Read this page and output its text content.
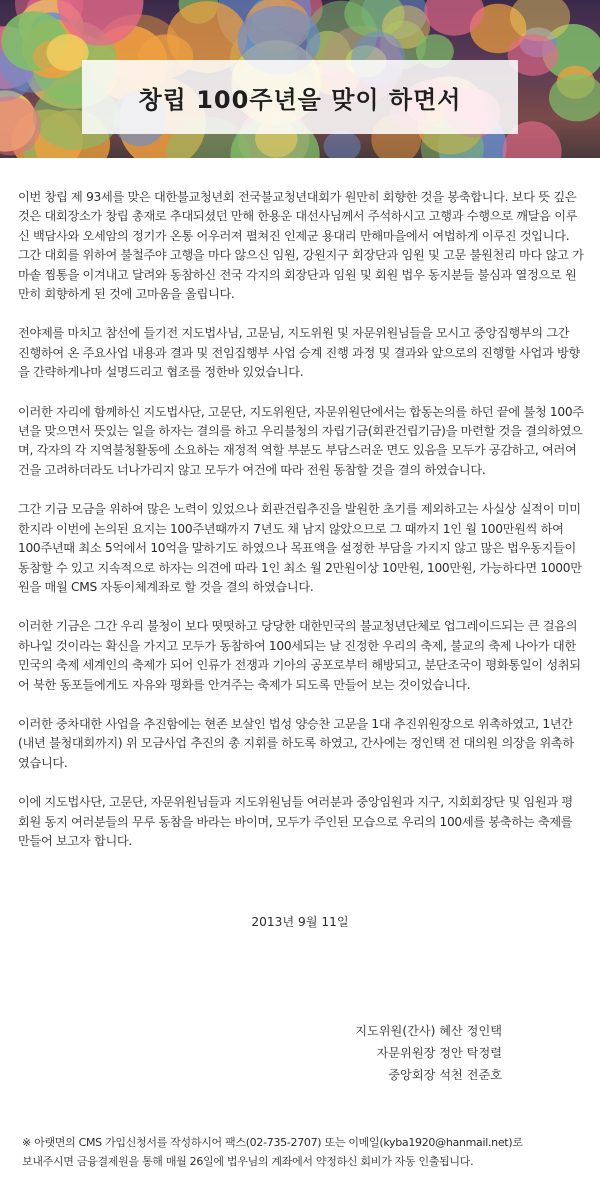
창립 100주년을 맞이 하면서

이번 창립 제 93세를 맞은 대한불교청년회 전국불교청년대회가 원만히 회향한 것을 봉축합니다. 보다 뜻 깊은 것은 대회장소가 창립 총재로 추대되셨던 만해 한용운 대선사님께서 주석하시고 고행과 수행으로 깨달음 이루신 백담사와 오세암의 정기가 온통 어우러져 펼쳐진 인제군 용대리 만해마을에서 여법하게 이루진 것입니다.

그간 대회를 위하여 불철주야 고행을 마다 않으신 임원, 강원지구 회장단과 임원 및 고문 불원천리 마다 않고 가마솥 찜통을 이겨내고 달려와 동참하신 전국 각지의 회장단과 임원 및 회원 법우 동지분들 불심과 열정으로 원만히 회향하게 된 것에 고마움을 올립니다.

전야제를 마치고 참선에 들기전 지도법사님, 고문님, 지도위원 및 자문위원님들을 모시고 중앙집행부의 그간 진행하여 온 주요사업 내용과 결과 및 전임집행부 사업 승계 진행 과정 및 결과와 앞으로의 진행할 사업과 방향을 간략하게나마 설명드리고 협조를 정한바 있었습니다.

이러한 자리에 함께하신 지도법사단, 고문단, 지도위원단, 자문위원단에서는 합동논의를 하던 끝에 불청 100주년을 맞으면서 뜻있는 일을 하자는 결의를 하고 우리불청의 자립기금(회관건립기금)을 마련할 것을 결의하였으며, 각자의 각 지역불청활동에 소요하는 재정적 역할 부분도 부담스러운 면도 있음을 모두가 공감하고, 여러여건을 고려하더라도 너나가리지 않고 모두가 여건에 따라 전원 동참할 것을 결의 하였습니다.

그간 기금 모금을 위하여 많은 노력이 있었으나 회관건립추진을 발원한 초기를 제외하고는 사실상 실적이 미미한지라 이번에 논의된 요지는 100주년때까지 7년도 채 남지 않았으므로 그 때까지 1인 월 100만원씩 하여 100주년때 최소 5억에서 10억을 말하기도 하였으나 목표액을 설정한 부담을 가지지 않고 많은 법우동지들이 동참할 수 있고 지속적으로 하자는 의견에 따라 1인 최소 월 2만원이상 10만원, 100만원, 가능하다면 1000만원을 매월 CMS 자동이체계좌로 할 것을 결의 하였습니다.

이러한 기금은 그간 우리 불청이 보다 떳떳하고 당당한 대한민국의 불교청년단체로 업그레이드되는 큰 걸음의 하나일 것이라는 확신을 가지고 모두가 동참하여 100세되는 날 진정한 우리의 축제, 불교의 축제 나아가 대한민국의 축제 세계인의 축제가 되어 인류가 전쟁과 기아의 공포로부터 해방되고, 분단조국이 평화통일이 성취되어 북한 동포들에게도 자유와 평화를 안겨주는 축제가 되도록 만들어 보는 것이었습니다.

이러한 중차대한 사업을 추진함에는 현존 보살인 법성 양승찬 고문을 1대 추진위원장으로 위촉하였고, 1년간(내년 불청대회까지) 위 모금사업 추진의 총 지휘를 하도록 하였고, 간사에는 정인택 전 대의원 의장을 위촉하였습니다.

이에 지도법사단, 고문단, 자문위원님들과 지도위원님들 여러분과 중앙임원과 지구, 지회회장단 및 임원과 평회원 동지 여러분들의 무루 동참을 바라는 바이며, 모두가 주인된 모습으로 우리의 100세를 봉축하는 축제를 만들어 보고자 합니다.

2013년 9월 11일
지도위원(간사) 혜산 정인택
자문위원장 정안 탁정렬
중앙회장 석천 전준호
※ 아랫면의 CMS 가입신청서를 작성하시어 팩스(02-735-2707) 또는 이메일(kyba1920@hanmail.net)로
보내주시면 금융결제원을 통해 매월 26일에 법우님의 계좌에서 약정하신 회비가 자동 인출됩니다.
